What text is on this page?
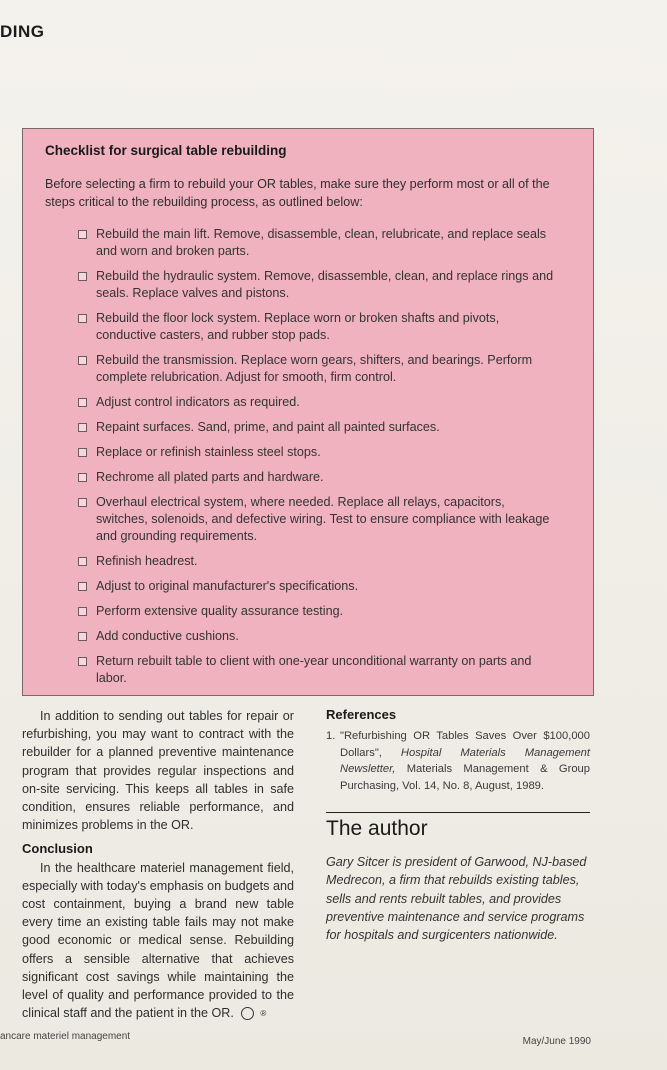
DING
Checklist for surgical table rebuilding
Before selecting a firm to rebuild your OR tables, make sure they perform most or all of the steps critical to the rebuilding process, as outlined below:
Rebuild the main lift. Remove, disassemble, clean, relubricate, and replace seals and worn and broken parts.
Rebuild the hydraulic system. Remove, disassemble, clean, and replace rings and seals. Replace valves and pistons.
Rebuild the floor lock system. Replace worn or broken shafts and pivots, conductive casters, and rubber stop pads.
Rebuild the transmission. Replace worn gears, shifters, and bearings. Perform complete relubrication. Adjust for smooth, firm control.
Adjust control indicators as required.
Repaint surfaces. Sand, prime, and paint all painted surfaces.
Replace or refinish stainless steel stops.
Rechrome all plated parts and hardware.
Overhaul electrical system, where needed. Replace all relays, capacitors, switches, solenoids, and defective wiring. Test to ensure compliance with leakage and grounding requirements.
Refinish headrest.
Adjust to original manufacturer's specifications.
Perform extensive quality assurance testing.
Add conductive cushions.
Return rebuilt table to client with one-year unconditional warranty on parts and labor.

In addition to sending out tables for repair or refurbishing, you may want to contract with the rebuilder for a planned preventive maintenance program that provides regular inspections and on-site servicing. This keeps all tables in safe condition, ensures reliable performance, and minimizes problems in the OR.

Conclusion

In the healthcare materiel management field, especially with today's emphasis on budgets and cost containment, buying a brand new table every time an existing table fails may not make good economic or medical sense. Rebuilding offers a sensible alternative that achieves significant cost savings while maintaining the level of quality and performance provided to the clinical staff and the patient in the OR.	®

References
1. "Refurbishing OR Tables Saves Over $100,000 Dollars", Hospital Materials Management Newsletter, Materials Management & Group Purchasing, Vol. 14, No. 8, August, 1989.
The author
Gary Sitcer is president of Garwood, NJ-based Medrecon, a firm that rebuilds existing tables, sells and rents rebuilt tables, and provides preventive maintenance and service programs for hospitals and surgicenters nationwide.
ancare materiel management	May/June 1990
